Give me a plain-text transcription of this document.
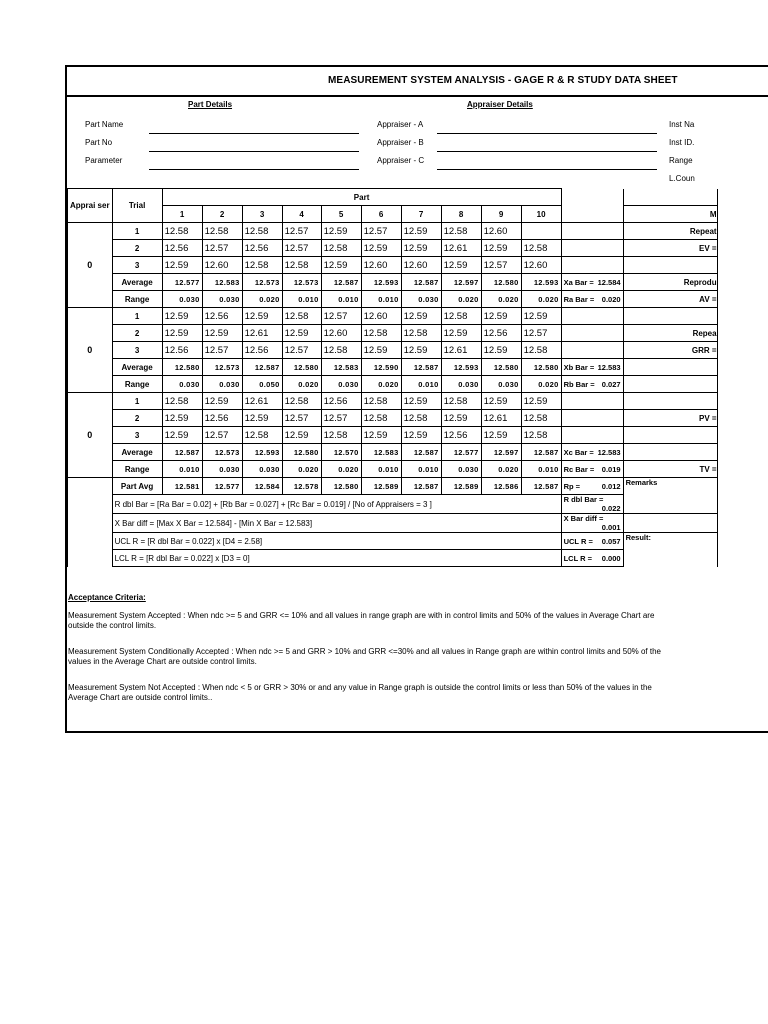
MEASUREMENT SYSTEM ANALYSIS - GAGE R & R STUDY DATA SHEET
Part Details
Part Name
Part No
Parameter
Appraiser Details
Appraiser - A
Appraiser - B
Appraiser - C
Inst Na
Inst ID.
Range
L.Coun
Apprai ser	Trial	Part											
		1	2	3	4	5	6	7	8	9	10		M
0	1	12.58	12.58	12.58	12.57	12.59	12.57	12.59	12.58	12.60			Repeat
	2	12.56	12.57	12.56	12.57	12.58	12.59	12.59	12.61	12.59	12.58		EV =
	3	12.59	12.60	12.58	12.58	12.59	12.60	12.60	12.59	12.57	12.60		
	Average	12.577	12.583	12.573	12.573	12.587	12.593	12.587	12.597	12.580	12.593	Xa Bar = 12.584	Reprodu
	Range	0.030	0.030	0.020	0.010	0.010	0.010	0.030	0.020	0.020	0.020	Ra Bar = 0.020	AV =
0	1	12.59	12.56	12.59	12.58	12.57	12.60	12.59	12.58	12.59	12.59		
	2	12.59	12.59	12.61	12.59	12.60	12.58	12.58	12.59	12.56	12.57		Repea
	3	12.56	12.57	12.56	12.57	12.58	12.59	12.59	12.61	12.59	12.58		GRR =
	Average	12.580	12.573	12.587	12.580	12.583	12.590	12.587	12.593	12.580	12.580	Xb Bar = 12.583	

	Range	0.030	0.030	0.050	0.020	0.030	0.020	0.010	0.030	0.030	0.020	Rb Bar = 0.027	

0	1	12.58	12.59	12.61	12.58	12.56	12.58	12.59	12.58	12.59	12.59		
	2	12.59	12.56	12.59	12.57	12.57	12.58	12.58	12.59	12.61	12.58		PV =
	3	12.59	12.57	12.58	12.59	12.58	12.59	12.59	12.56	12.59	12.58		
	Average	12.587	12.573	12.593	12.580	12.570	12.583	12.587	12.577	12.597	12.587	Xc Bar = 12.583	

	Range	0.010	0.030	0.030	0.020	0.020	0.010	0.010	0.030	0.020	0.010	Rc Bar = 0.019	TV =
	Part Avg	12.581	12.577	12.584	12.578	12.580	12.589	12.587	12.589	12.586	12.587	Rp = 0.012	Remarks
	R dbl Bar = [Ra Bar = 0.02] + [Rb Bar = 0.027] + [Rc Bar = 0.019] / [No of Appraisers = 3 ]											R dbl Bar =
0.022	

	X Bar diff = [Max X Bar = 12.584] - [Min X Bar = 12.583]											X Bar diff =
0.001	

	UCL R = [R dbl Bar = 0.022] x [D4 = 2.58]											UCL R = 0.057	Result:
	LCL R = [R dbl Bar = 0.022] x [D3 = 0]											LCL R = 0.000	

Acceptance Criteria:

Measurement System Accepted : When ndc >= 5 and GRR <= 10% and all values in range graph are with in control limits and 50% of the values in Average Chart are outside the control limits.

Measurement System Conditionally Accepted : When ndc >= 5 and GRR > 10% and GRR <=30% and all values in Range graph are within control limits and 50% of the values in the Average Chart are outside control limits.

Measurement System Not Accepted : When ndc < 5 or GRR > 30% or and any value in Range graph is outside the control limits or less than 50% of the values in the Average Chart are outside control limits..
